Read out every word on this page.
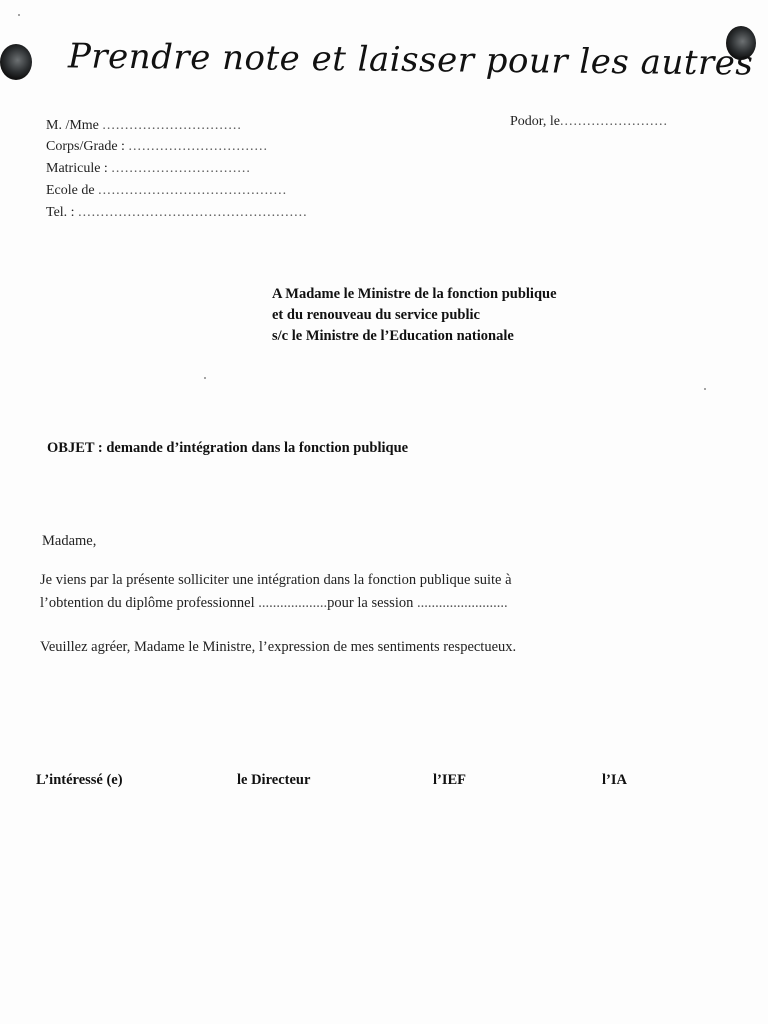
Prendre note et laisser pour les autres
M. /Mme ...............................
Corps/Grade : ...............................
Matricule : ...............................
Ecole de ..........................................
Tel. : ...................................................
Podor, le........................
A Madame le Ministre de la fonction publique
et du renouveau du service public
s/c le Ministre de l’Education nationale
OBJET : demande d’intégration dans la fonction publique
Madame,
Je viens par la présente solliciter une intégration dans la fonction publique suite à
l’obtention du diplôme professionnel ...................pour la session .........................
Veuillez agréer, Madame le Ministre, l’expression de mes sentiments respectueux.
L’intéressé (e)	le Directeur	l’IEF	l’IA
